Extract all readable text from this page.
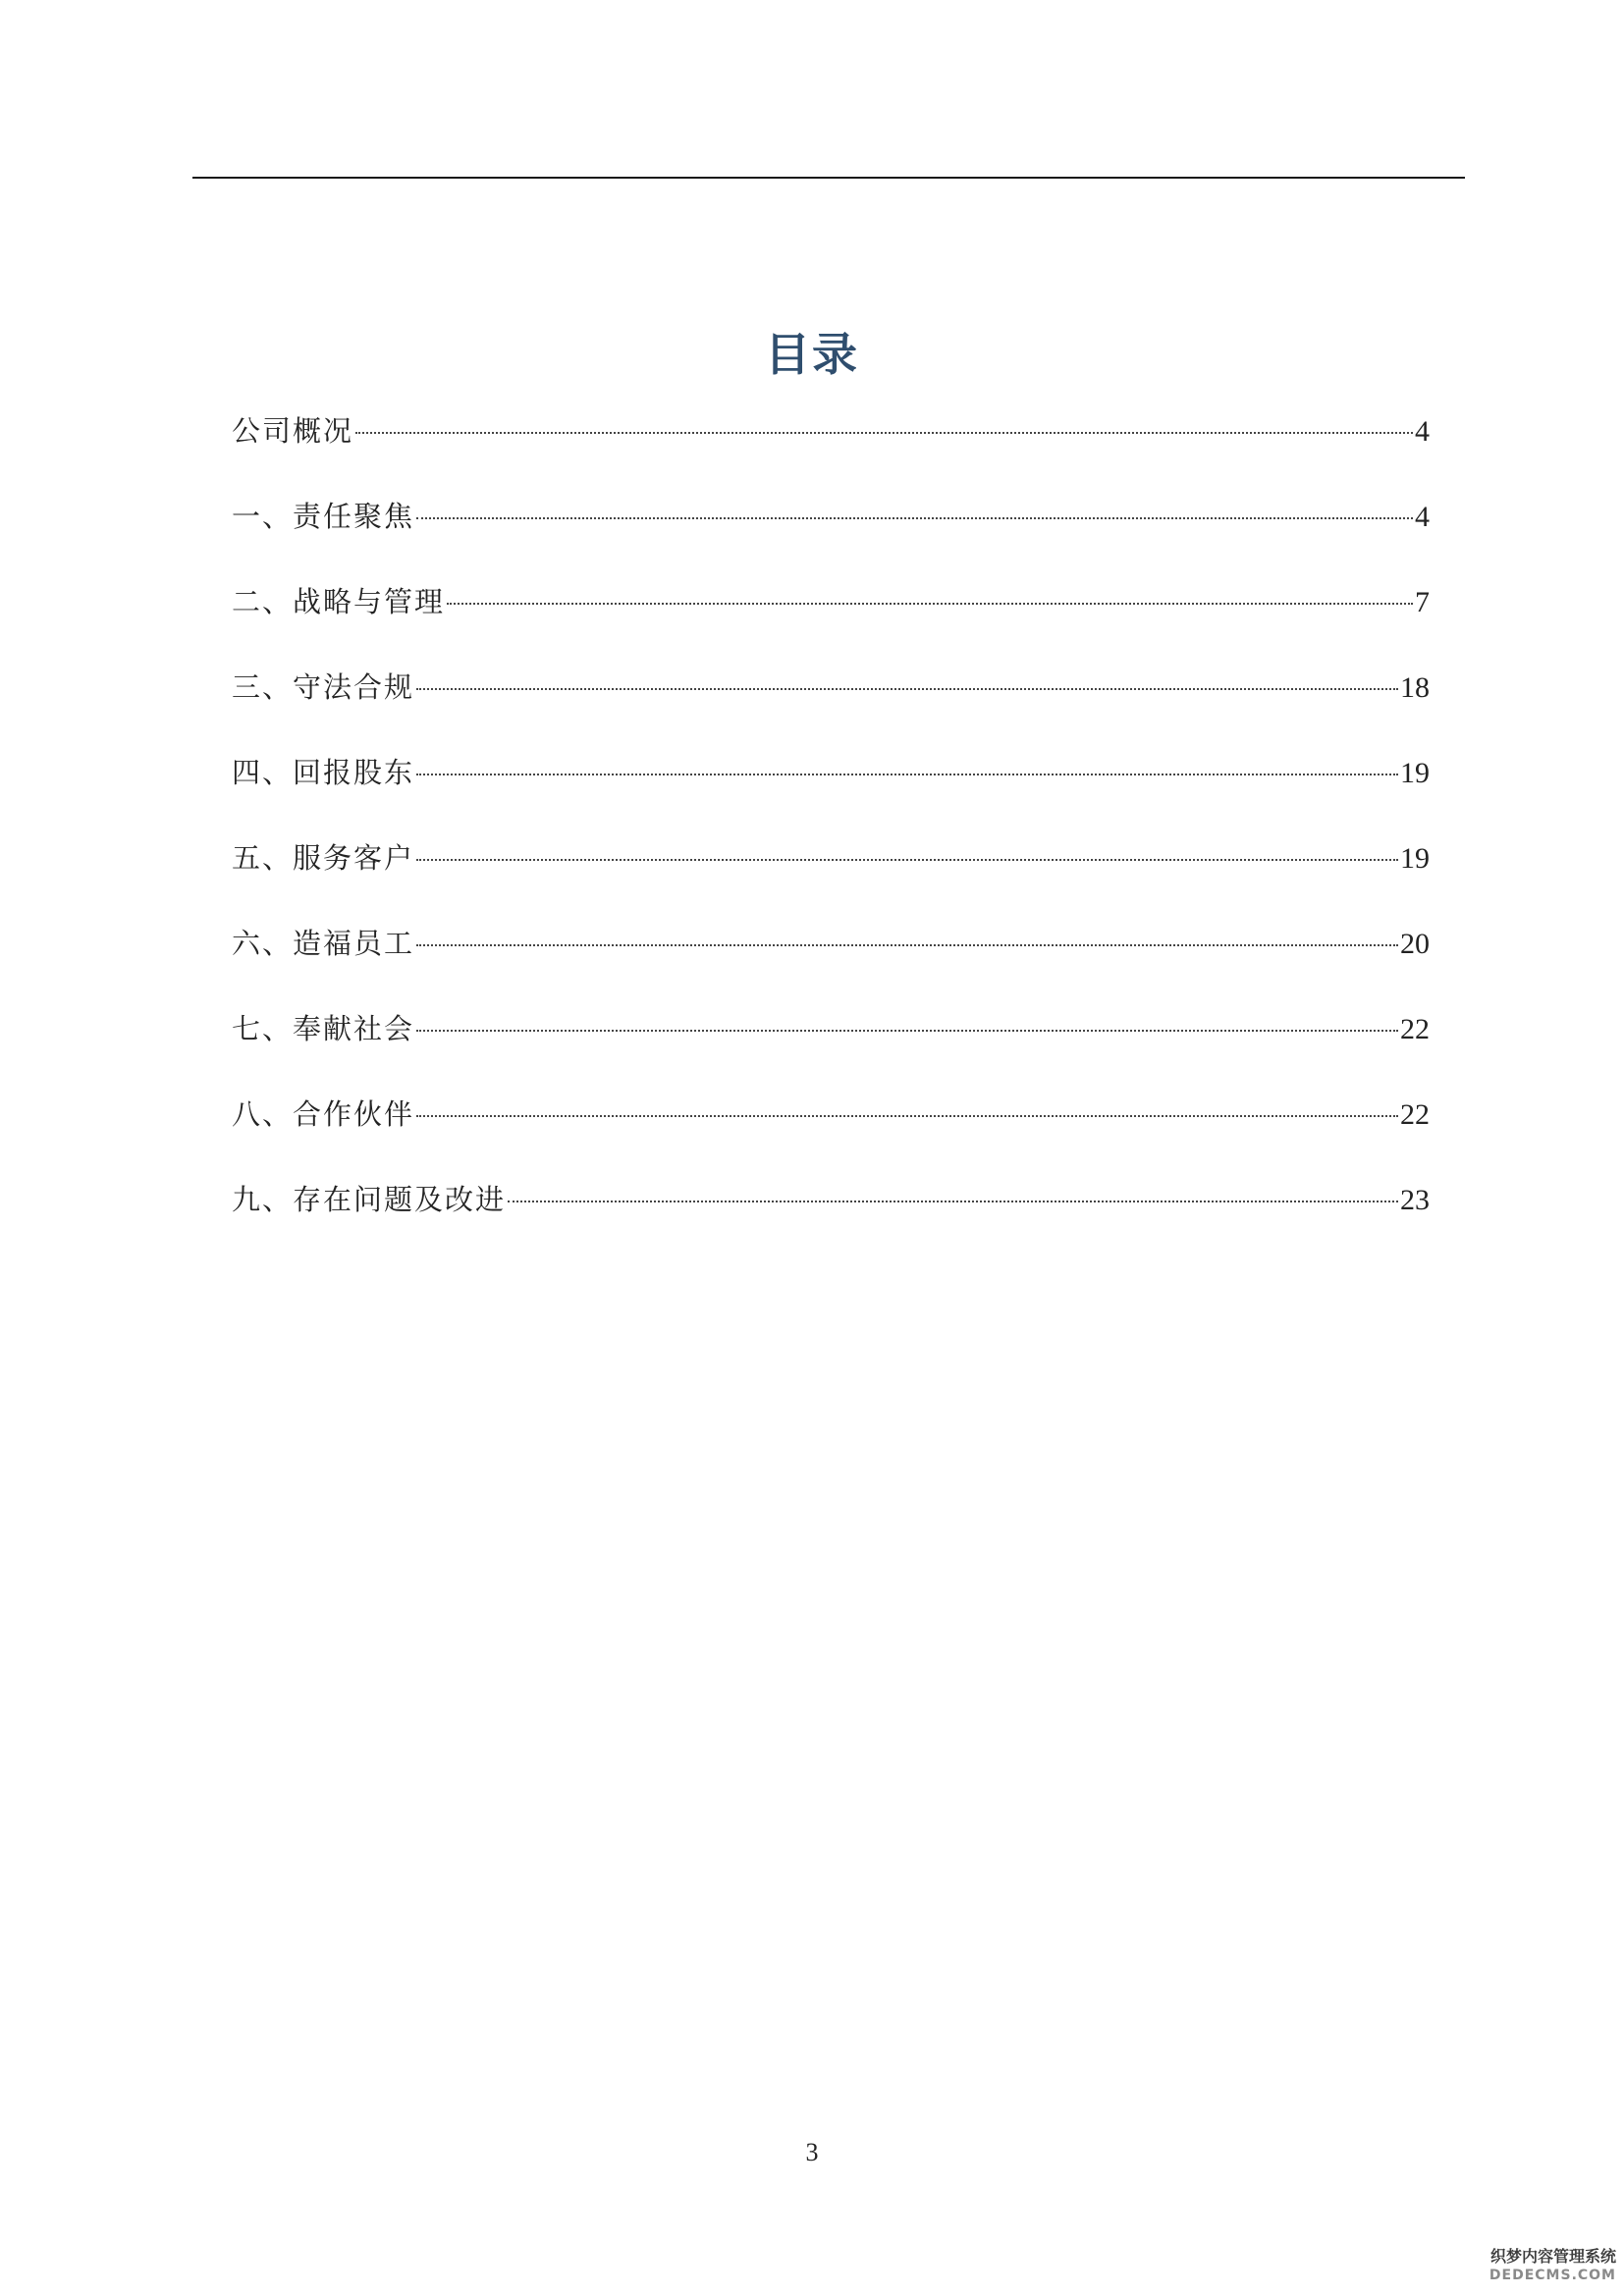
目录
公司概况	4
一、责任聚焦	4
二、战略与管理	7
三、守法合规	18
四、回报股东	19
五、服务客户	19
六、造福员工	20
七、奉献社会	22
八、合作伙伴	22
九、存在问题及改进	23
3
织梦内容管理系统
DEDECMS.COM
